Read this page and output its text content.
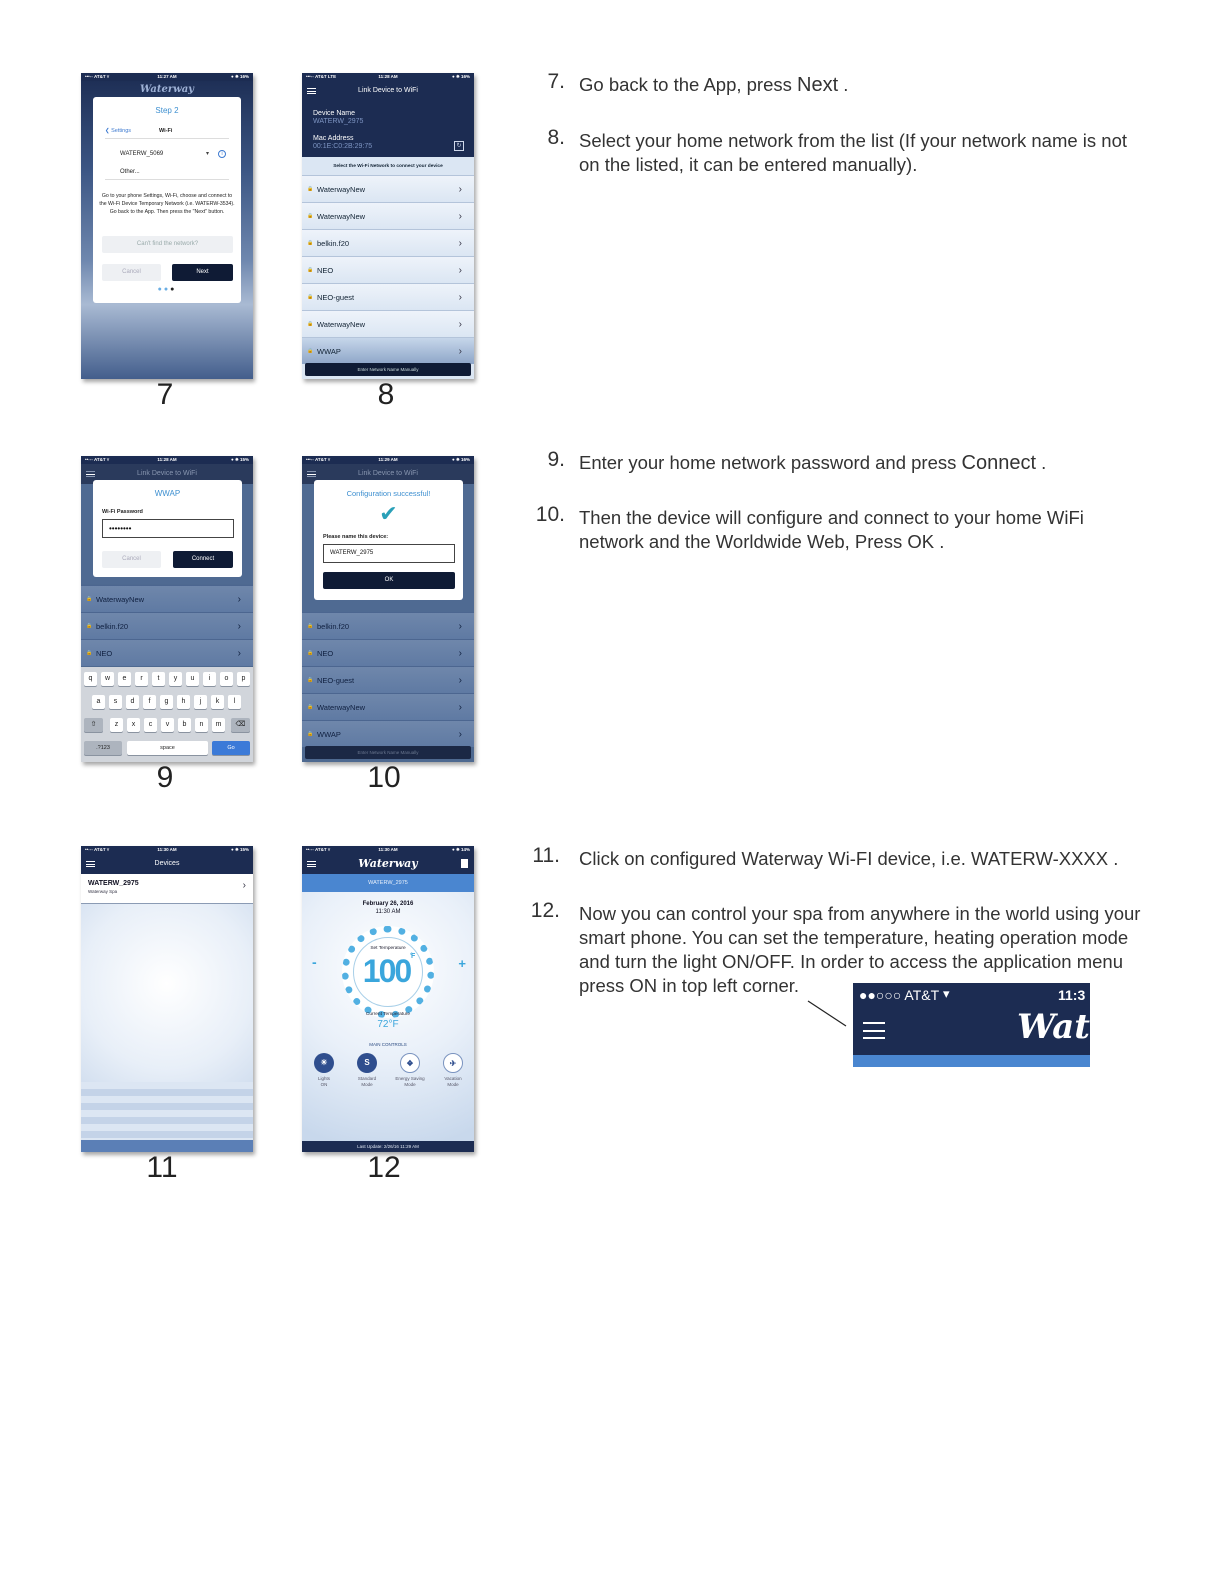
•••◦◦ AT&T ▿	11:27 AM	● ✵ 16%
Waterway
Step 2
❮ Settings	Wi-Fi
WATERW_5069	▾	i
Other...
Go to your phone Settings, Wi-Fi, choose and connect to the Wi-Fi Device Temporary Network (i.e. WATERW-3534). Go back to the App. Then press the "Next" button.
Can't find the network?
Cancel	Next
●●●
7
•••◦◦ AT&T LTE	11:28 AM	● ✵ 16%
Link Device to WiFi
Device Name
WATERW_2975
Mac Address
00:1E:C0:2B:29:75	↻
Select the Wi-Fi Network to connect your device
🔒 WaterwayNew ›
🔒 WaterwayNew ›
🔒 belkin.f20 ›
🔒 NEO ›
🔒 NEO-guest ›
🔒 WaterwayNew ›
🔒 WWAP ›
Enter Network Name Manually
8
••◦◦◦ AT&T ▿	11:28 AM	● ✵ 15%
Link Device to WiFi
🔒 WaterwayNew ›
🔒 belkin.f20 ›
🔒 NEO ›
WWAP
Wi-Fi Password
••••••••
Cancel	Connect
q	w	e	r	t	y	u	i	o	p
a	s	d	f	g	h	j	k	l
⇧	z	x	c	v	b	n	m	⌫
.?123	space	Go
9
•••◦◦ AT&T ▿	11:29 AM	● ✵ 16%
Link Device to WiFi
🔒 belkin.f20 ›
🔒 NEO ›
🔒 NEO-guest ›
🔒 WaterwayNew ›
🔒 WWAP ›
Enter Network Name Manually
Configuration successful!
✔
Please name this device:
WATERW_2975
OK
10
••◦◦◦ AT&T ▿	11:30 AM	● ✵ 15%
Devices
WATERW_2975
Waterway Spa
›
11
••◦◦◦ AT&T ▿	11:30 AM	● ✵ 14%
Waterway
WATERW_2975
February 26, 2016
11:30 AM
Set Temperature
$100^{^\circ F}$
-	+
Current Temperature
72°F
MAIN CONTROLS
☀	S	❖	✈
Lights
ON
Standard
Mode
Energy Saving
Mode
Vacation
Mode
Last Update: 2/26/16 11:29 AM
12
7. Go back to the App, press Next .
8. Select your home network from the list (If your network name is not on the listed, it can be entered manually).
9. Enter your home network password and press Connect .
10. Then the device will configure and connect to your home WiFi network and the Worldwide Web, Press OK .
11. Click on configured Waterway Wi-FI device, i.e. WATERW-XXXX .
12. Now you can control your spa from anywhere in the world using your smart phone. You can set the temperature, heating operation mode and turn the light ON/OFF. In order to access the application menu press ON in top left corner.	●●○○○ AT&T ▾	11:3
Wate
